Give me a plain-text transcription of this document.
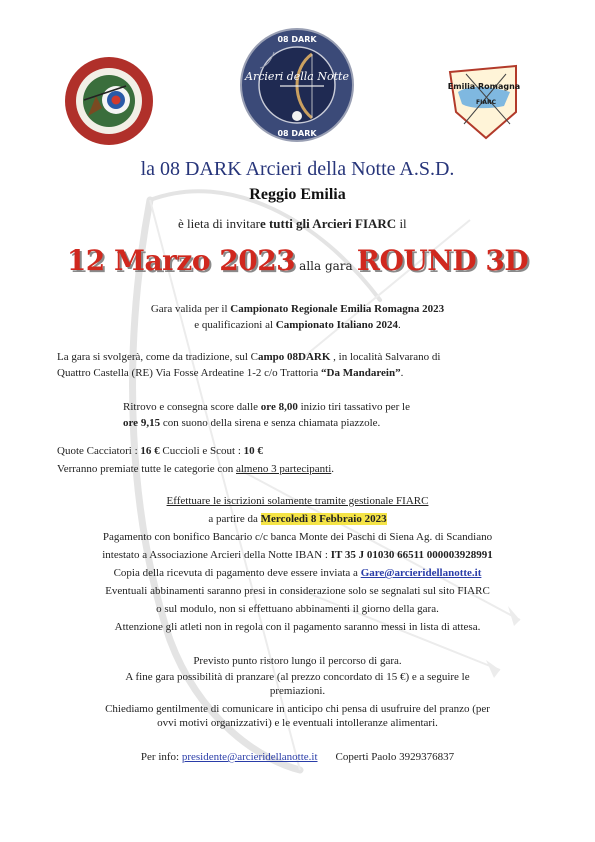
08 DARK
Arcieri della Notte
08 DARK
Emilia Romagna
FIARC
la 08 DARK Arcieri della Notte A.S.D.
Reggio Emilia
è lieta di invitare tutti gli Arcieri FIARC il
12 Marzo 2023 alla gara ROUND 3D
Gara valida per il Campionato Regionale Emilia Romagna 2023
e qualificazioni al Campionato Italiano 2024.
La gara si svolgerà, come da tradizione, sul Campo 08DARK , in località Salvarano di
Quattro Castella (RE) Via Fosse Ardeatine 1-2 c/o Trattoria “Da Mandarein”.
Ritrovo e consegna score dalle ore 8,00 inizio tiri tassativo per le
ore 9,15 con suono della sirena e senza chiamata piazzole.
Quote Cacciatori : 16 € Cuccioli e Scout : 10 €
Verranno premiate tutte le categorie con almeno 3 partecipanti.
Effettuare le iscrizioni solamente tramite gestionale FIARC
a partire da Mercoledì 8 Febbraio 2023
Pagamento con bonifico Bancario c/c banca Monte dei Paschi di Siena Ag. di Scandiano
intestato a Associazione Arcieri della Notte IBAN : IT 35 J 01030 66511 000003928991
Copia della ricevuta di pagamento deve essere inviata a Gare@arcieridellanotte.it
Eventuali abbinamenti saranno presi in considerazione solo se segnalati sul sito FIARC
o sul modulo, non si effettuano abbinamenti il giorno della gara.
Attenzione gli atleti non in regola con il pagamento saranno messi in lista di attesa.
Previsto punto ristoro lungo il percorso di gara.
A fine gara possibilità di pranzare (al prezzo concordato di 15 €) e a seguire le
premiazioni.
Chiediamo gentilmente di comunicare in anticipo chi pensa di usufruire del pranzo (per
ovvi motivi organizzativi) e le eventuali intolleranze alimentari.
Per info: presidente@arcieridellanotte.it Coperti Paolo 3929376837
